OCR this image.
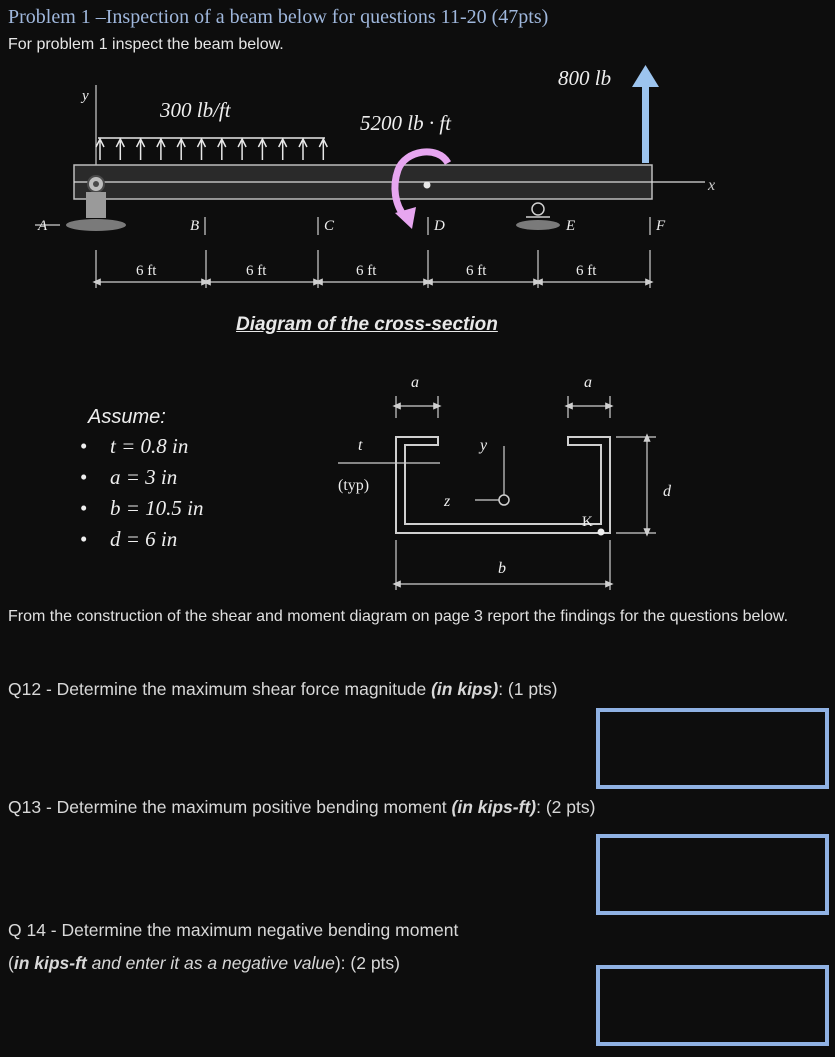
Problem 1 –Inspection of a beam below for questions 11-20 (47pts)
For problem 1 inspect the beam below.
y
300 lb/ft
5200 lb · ft
800 lb
x
A	B	C	D	E	F
6 ft	6 ft	6 ft	6 ft	6 ft
Diagram of the cross-section
a	a
t	y
z
b
d
(typ)
K
Assume:
• t = 0.8 in
• a = 3 in
• b = 10.5 in
• d = 6 in
From the construction of the shear and moment diagram on page 3 report the findings for the questions below.
Q12 - Determine the maximum shear force magnitude (in kips): (1 pts)
Q13 - Determine the maximum positive bending moment (in kips-ft): (2 pts)
Q 14 - Determine the maximum negative bending moment
(in kips-ft and enter it as a negative value): (2 pts)
